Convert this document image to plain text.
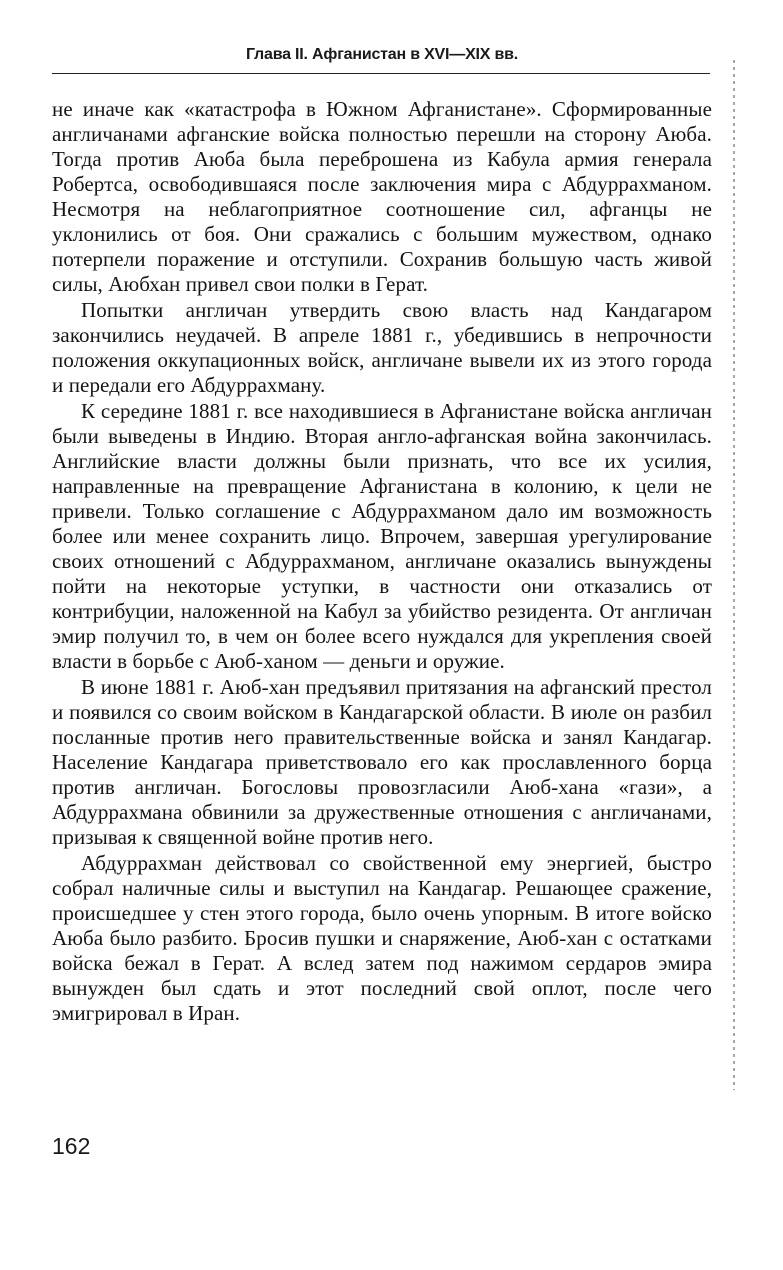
Глава II. Афганистан в XVI—XIX вв.

не иначе как «катастрофа в Южном Афганистане». Сформированные англичанами афганские войска полностью перешли на сторону Аюба. Тогда против Аюба была переброшена из Кабула армия генерала Робертса, освободившаяся после заключения мира с Абдуррахманом. Несмотря на неблагоприятное соотношение сил, афганцы не уклонились от боя. Они сражались с большим мужеством, однако потерпели поражение и отступили. Сохранив большую часть живой силы, Аюбхан привел свои полки в Герат.

Попытки англичан утвердить свою власть над Кандагаром закончились неудачей. В апреле 1881 г., убедившись в непрочности положения оккупационных войск, англичане вывели их из этого города и передали его Абдуррахману.

К середине 1881 г. все находившиеся в Афганистане войска англичан были выведены в Индию. Вторая англо-афганская война закончилась. Английские власти должны были признать, что все их усилия, направленные на превращение Афганистана в колонию, к цели не привели. Только соглашение с Абдуррахманом дало им возможность более или менее сохранить лицо. Впрочем, завершая урегулирование своих отношений с Абдуррахманом, англичане оказались вынуждены пойти на некоторые уступки, в частности они отказались от контрибуции, наложенной на Кабул за убийство резидента. От англичан эмир получил то, в чем он более всего нуждался для укрепления своей власти в борьбе с Аюб-ханом — деньги и оружие.

В июне 1881 г. Аюб-хан предъявил притязания на афганский престол и появился со своим войском в Кандагарской области. В июле он разбил посланные против него правительственные войска и занял Кандагар. Население Кандагара приветствовало его как прославленного борца против англичан. Богословы провозгласили Аюб-хана «гази», а Абдуррахмана обвинили за дружественные отношения с англичанами, призывая к священной войне против него.

Абдуррахман действовал со свойственной ему энергией, быстро собрал наличные силы и выступил на Кандагар. Решающее сражение, происшедшее у стен этого города, было очень упорным. В итоге войско Аюба было разбито. Бросив пушки и снаряжение, Аюб-хан с остатками войска бежал в Герат. А вслед затем под нажимом сердаров эмира вынужден был сдать и этот последний свой оплот, после чего эмигрировал в Иран.

162
